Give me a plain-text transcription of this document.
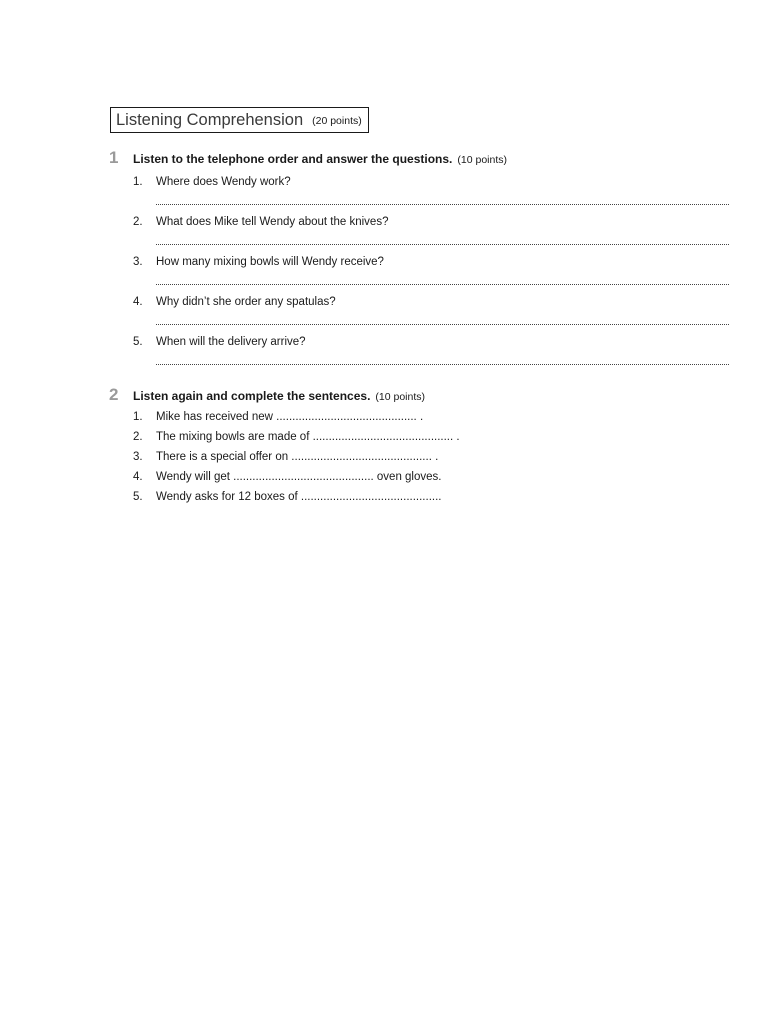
Listening Comprehension (20 points)
1 Listen to the telephone order and answer the questions. (10 points)
1. Where does Wendy work?
2. What does Mike tell Wendy about the knives?
3. How many mixing bowls will Wendy receive?
4. Why didn’t she order any spatulas?
5. When will the delivery arrive?
2 Listen again and complete the sentences. (10 points)
1. Mike has received new ............................................ .
2. The mixing bowls are made of ............................................ .
3. There is a special offer on ............................................ .
4. Wendy will get ............................................ oven gloves.
5. Wendy asks for 12 boxes of ............................................
